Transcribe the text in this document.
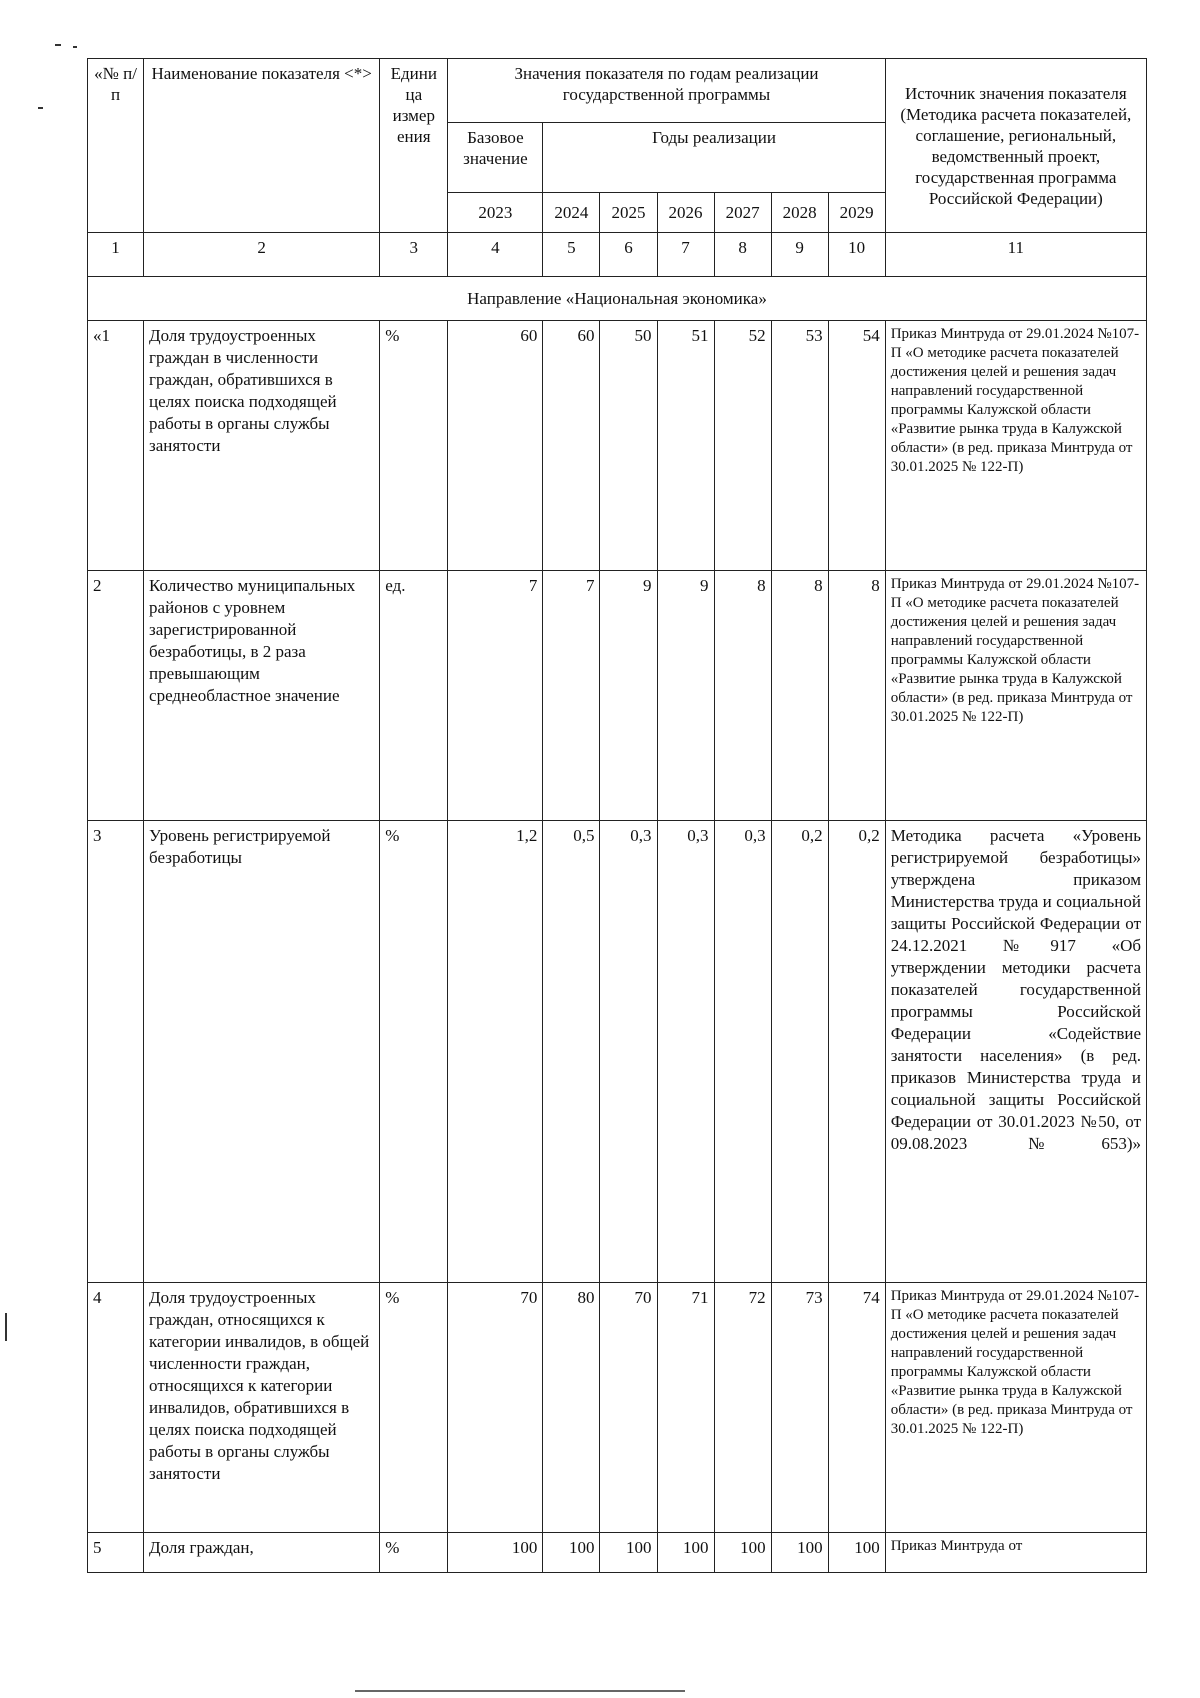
«№ п/п	Наименование показателя <*>	Едини ца измер ения	Значения показателя по годам реализации государственной программы							Источник значения показателя (Методика расчета показателей, соглашение, региональный, ведомственный проект, государственная программа Российской Федерации)
			Базовое значение	Годы реализации						
			2023	2024	2025	2026	2027	2028	2029	
1	2	3	4	5	6	7	8	9	10	11
Направление «Национальная экономика»										
«1	Доля трудоустроенных граждан в численности граждан, обратившихся в целях поиска подходящей работы в органы службы занятости	%	60	60	50	51	52	53	54	Приказ Минтруда от 29.01.2024 №107-П «О методике расчета показателей достижения целей и решения задач направлений государственной программы Калужской области «Развитие рынка труда в Калужской области» (в ред. приказа Минтруда от 30.01.2025 № 122-П)
2	Количество муниципальных районов с уровнем зарегистрированной безработицы, в 2 раза превышающим среднеобластное значение	ед.	7	7	9	9	8	8	8	Приказ Минтруда от 29.01.2024 №107-П «О методике расчета показателей достижения целей и решения задач направлений государственной программы Калужской области «Развитие рынка труда в Калужской области» (в ред. приказа Минтруда от 30.01.2025 № 122-П)
3	Уровень регистрируемой безработицы	%	1,2	0,5	0,3	0,3	0,3	0,2	0,2	Методика расчета «Уровень регистрируемой безработицы» утверждена приказом Министерства труда и социальной защиты Российской Федерации от 24.12.2021 №917 «Об утверждении методики расчета показателей государственной программы Российской Федерации «Содействие занятости населения» (в ред. приказов Министерства труда и социальной защиты Российской Федерации от 30.01.2023 №50, от 09.08.2023 №653)»
4	Доля трудоустроенных граждан, относящихся к категории инвалидов, в общей численности граждан, относящихся к категории инвалидов, обратившихся в целях поиска подходящей работы в органы службы занятости	%	70	80	70	71	72	73	74	Приказ Минтруда от 29.01.2024 №107-П «О методике расчета показателей достижения целей и решения задач направлений государственной программы Калужской области «Развитие рынка труда в Калужской области» (в ред. приказа Минтруда от 30.01.2025 № 122-П)
5	Доля граждан,	%	100	100	100	100	100	100	100	Приказ Минтруда от
